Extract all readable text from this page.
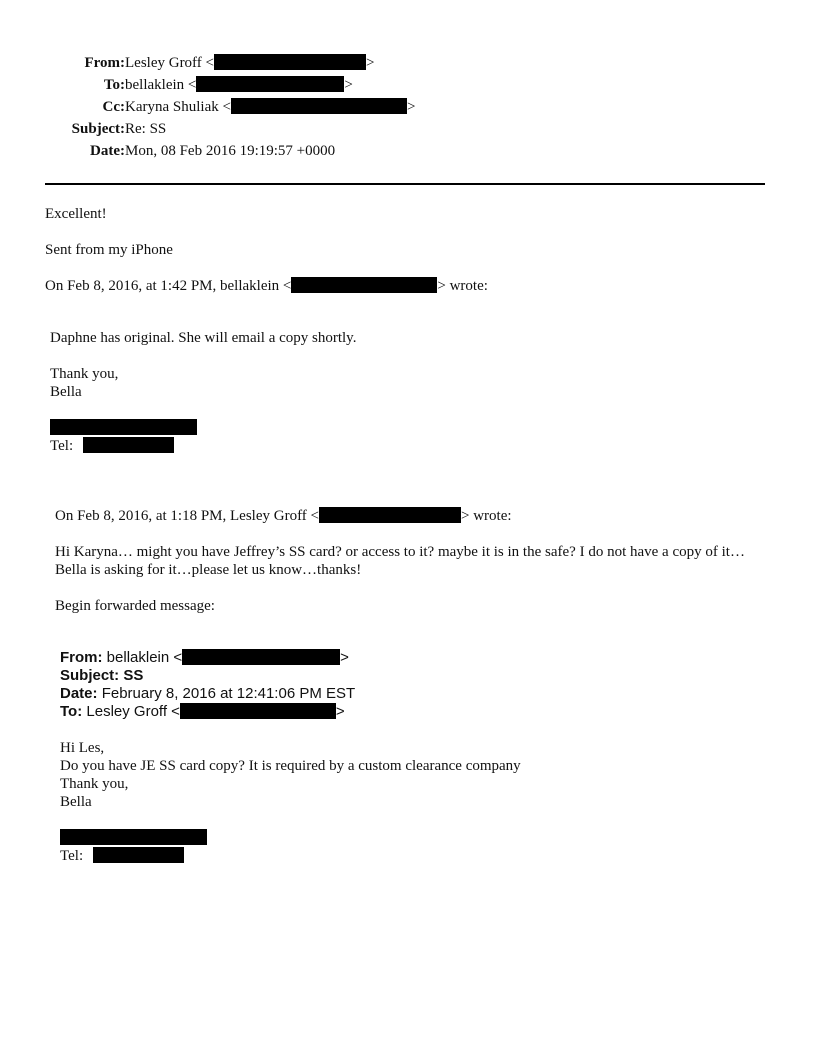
From: Lesley Groff <	>
To: bellaklein <	>
Cc: Karyna Shuliak <	>
Subject: Re: SS
Date: Mon, 08 Feb 2016 19:19:57 +0000
Excellent!
Sent from my iPhone
On Feb 8, 2016, at 1:42 PM, bellaklein <	> wrote:
Daphne has original. She will email a copy shortly.
Thank you,
Bella
Tel:
On Feb 8, 2016, at 1:18 PM, Lesley Groff <	> wrote:
Hi Karyna… might you have Jeffrey’s SS card? or access to it? maybe it is in the safe? I do not have a copy of it…Bella is asking for it…please let us know…thanks!
Begin forwarded message:
From: bellaklein <	>
Subject: SS
Date: February 8, 2016 at 12:41:06 PM EST
To: Lesley Groff <	>
Hi Les,
Do you have JE SS card copy? It is required by a custom clearance company
Thank you,
Bella
Tel:
